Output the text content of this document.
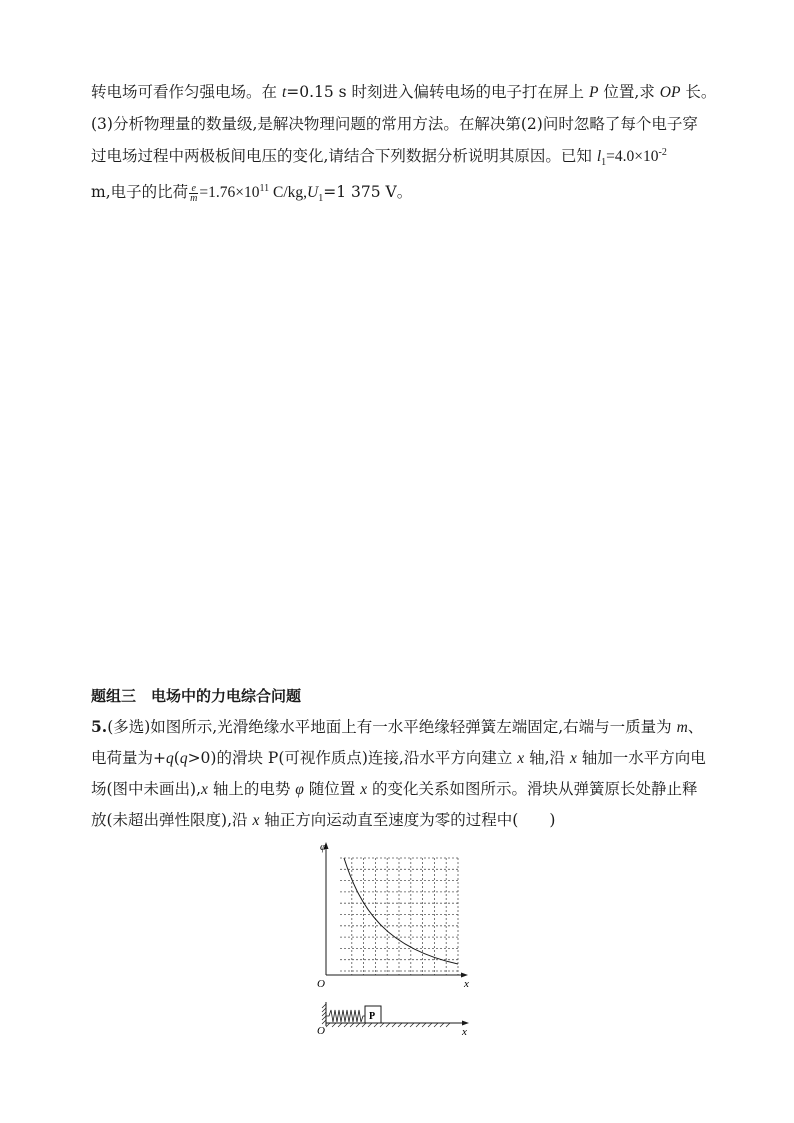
转电场可看作匀强电场。在 t=0.15 s 时刻进入偏转电场的电子打在屏上 P 位置,求 OP 长。
(3)分析物理量的数量级,是解决物理问题的常用方法。在解决第(2)问时忽略了每个电子穿
过电场过程中两极板间电压的变化,请结合下列数据分析说明其原因。已知 $l_1=4.0\times 10^{-2}$
m,电子的比荷 $\frac{e}{m} =1.76\times 10^{11}$ $C/kg,U_1=1$ 375 V。
题组三　电场中的力电综合问题
5.(多选)如图所示,光滑绝缘水平地面上有一水平绝缘轻弹簧左端固定,右端与一质量为 m、
电荷量为+q(q>0)的滑块 P(可视作质点)连接,沿水平方向建立 x 轴,沿 x 轴加一水平方向电
场(图中未画出),x 轴上的电势 φ 随位置 x 的变化关系如图所示。滑块从弹簧原长处静止释
放(未超出弹性限度),沿 x 轴正方向运动直至速度为零的过程中(　　)
φ
O	x
P
O	x
